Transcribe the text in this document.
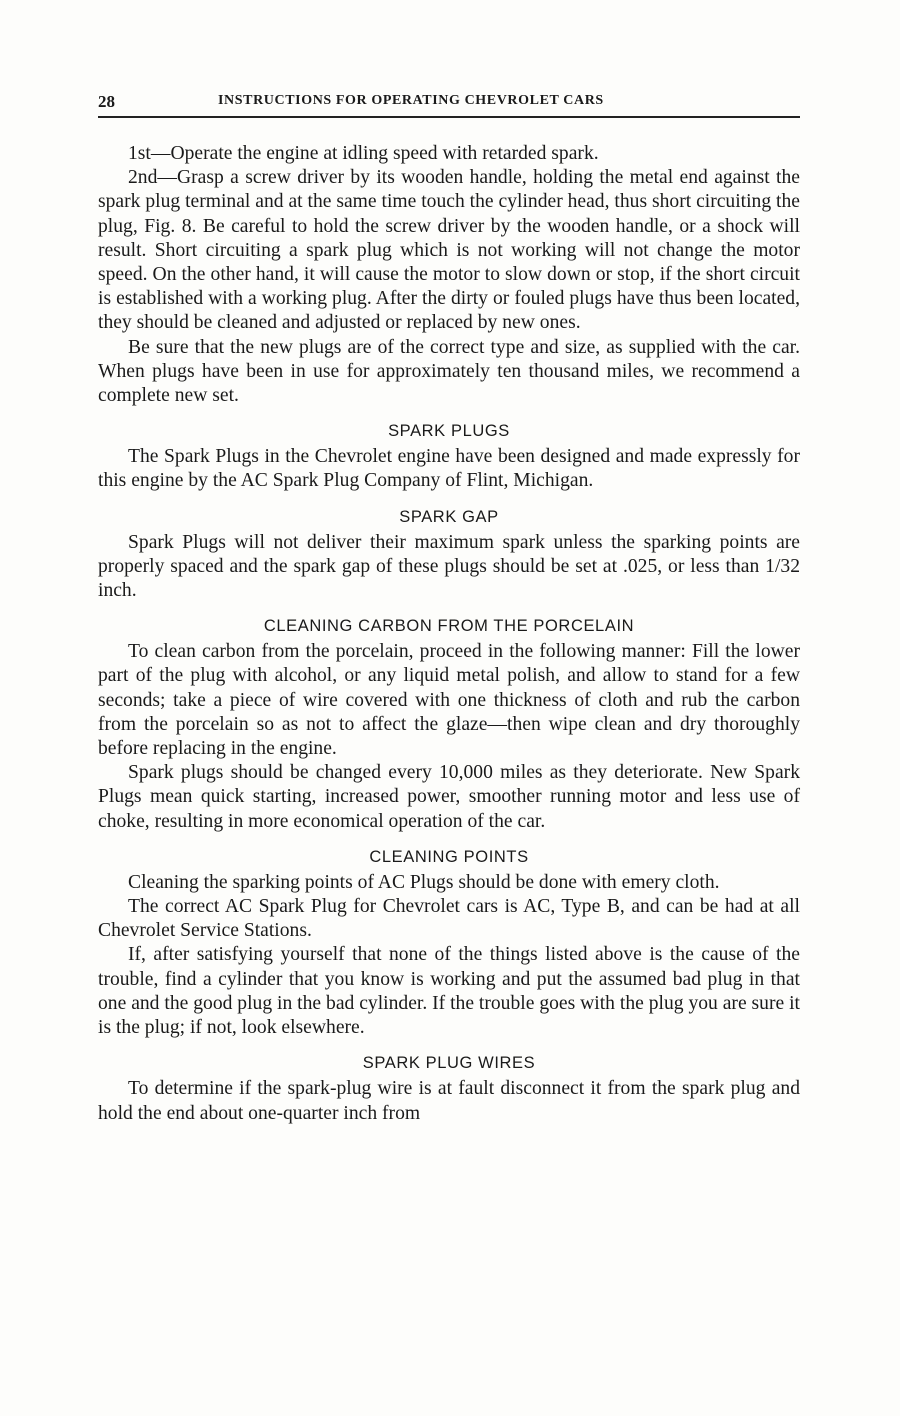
28	INSTRUCTIONS FOR OPERATING CHEVROLET CARS

1st—Operate the engine at idling speed with retarded spark.

2nd—Grasp a screw driver by its wooden handle, holding the metal end against the spark plug terminal and at the same time touch the cylinder head, thus short circuiting the plug, Fig. 8. Be careful to hold the screw driver by the wooden handle, or a shock will result. Short circuiting a spark plug which is not working will not change the motor speed. On the other hand, it will cause the motor to slow down or stop, if the short circuit is established with a working plug. After the dirty or fouled plugs have thus been located, they should be cleaned and adjusted or replaced by new ones.

Be sure that the new plugs are of the correct type and size, as supplied with the car. When plugs have been in use for approximately ten thousand miles, we recommend a complete new set.

SPARK PLUGS

The Spark Plugs in the Chevrolet engine have been designed and made expressly for this engine by the AC Spark Plug Company of Flint, Michigan.

SPARK GAP

Spark Plugs will not deliver their maximum spark unless the sparking points are properly spaced and the spark gap of these plugs should be set at .025, or less than 1/32 inch.

CLEANING CARBON FROM THE PORCELAIN

To clean carbon from the porcelain, proceed in the following manner: Fill the lower part of the plug with alcohol, or any liquid metal polish, and allow to stand for a few seconds; take a piece of wire covered with one thickness of cloth and rub the carbon from the porcelain so as not to affect the glaze—then wipe clean and dry thoroughly before replacing in the engine.

Spark plugs should be changed every 10,000 miles as they deteriorate. New Spark Plugs mean quick starting, increased power, smoother running motor and less use of choke, resulting in more economical operation of the car.

CLEANING POINTS

Cleaning the sparking points of AC Plugs should be done with emery cloth.

The correct AC Spark Plug for Chevrolet cars is AC, Type B, and can be had at all Chevrolet Service Stations.

If, after satisfying yourself that none of the things listed above is the cause of the trouble, find a cylinder that you know is working and put the assumed bad plug in that one and the good plug in the bad cylinder. If the trouble goes with the plug you are sure it is the plug; if not, look elsewhere.

SPARK PLUG WIRES

To determine if the spark-plug wire is at fault disconnect it from the spark plug and hold the end about one-quarter inch from
